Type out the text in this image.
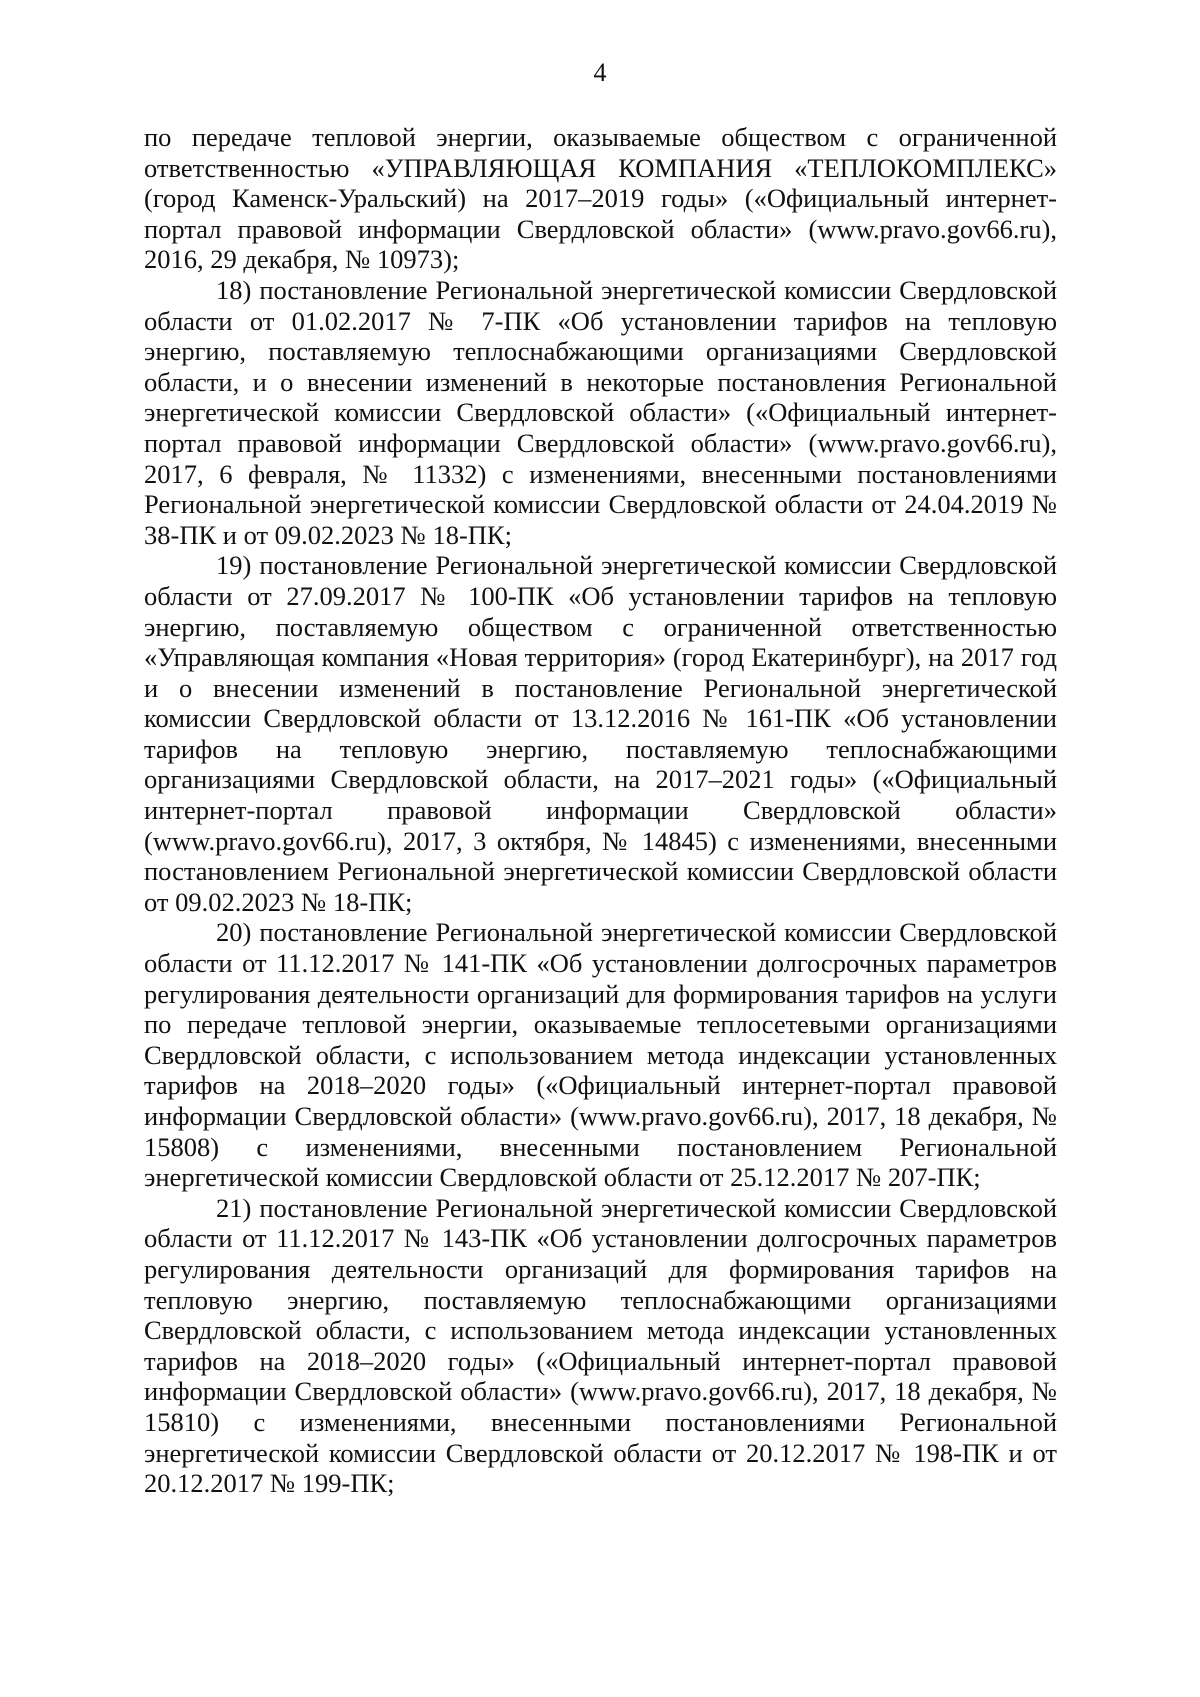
4

по передаче тепловой энергии, оказываемые обществом с ограниченной ответственностью «УПРАВЛЯЮЩАЯ КОМПАНИЯ «ТЕПЛОКОМПЛЕКС» (город Каменск-Уральский) на 2017–2019 годы» («Официальный интернет-портал правовой информации Свердловской области» (www.pravo.gov66.ru), 2016, 29 декабря, № 10973);

18) постановление Региональной энергетической комиссии Свердловской области от 01.02.2017 № 7-ПК «Об установлении тарифов на тепловую энергию, поставляемую теплоснабжающими организациями Свердловской области, и о внесении изменений в некоторые постановления Региональной энергетической комиссии Свердловской области» («Официальный интернет-портал правовой информации Свердловской области» (www.pravo.gov66.ru), 2017, 6 февраля, № 11332) с изменениями, внесенными постановлениями Региональной энергетической комиссии Свердловской области от 24.04.2019 № 38-ПК и от 09.02.2023 № 18-ПК;

19) постановление Региональной энергетической комиссии Свердловской области от 27.09.2017 № 100-ПК «Об установлении тарифов на тепловую энергию, поставляемую обществом с ограниченной ответственностью «Управляющая компания «Новая территория» (город Екатеринбург), на 2017 год и о внесении изменений в постановление Региональной энергетической комиссии Свердловской области от 13.12.2016 № 161-ПК «Об установлении тарифов на тепловую энергию, поставляемую теплоснабжающими организациями Свердловской области, на 2017–2021 годы» («Официальный интернет-портал правовой информации Свердловской области» (www.pravo.gov66.ru), 2017, 3 октября, № 14845) с изменениями, внесенными постановлением Региональной энергетической комиссии Свердловской области от 09.02.2023 № 18-ПК;

20) постановление Региональной энергетической комиссии Свердловской области от 11.12.2017 № 141-ПК «Об установлении долгосрочных параметров регулирования деятельности организаций для формирования тарифов на услуги по передаче тепловой энергии, оказываемые теплосетевыми организациями Свердловской области, с использованием метода индексации установленных тарифов на 2018–2020 годы» («Официальный интернет-портал правовой информации Свердловской области» (www.pravo.gov66.ru), 2017, 18 декабря, № 15808) с изменениями, внесенными постановлением Региональной энергетической комиссии Свердловской области от 25.12.2017 № 207-ПК;

21) постановление Региональной энергетической комиссии Свердловской области от 11.12.2017 № 143-ПК «Об установлении долгосрочных параметров регулирования деятельности организаций для формирования тарифов на тепловую энергию, поставляемую теплоснабжающими организациями Свердловской области, с использованием метода индексации установленных тарифов на 2018–2020 годы» («Официальный интернет-портал правовой информации Свердловской области» (www.pravo.gov66.ru), 2017, 18 декабря, № 15810) с изменениями, внесенными постановлениями Региональной энергетической комиссии Свердловской области от 20.12.2017 № 198-ПК и от 20.12.2017 № 199-ПК;
